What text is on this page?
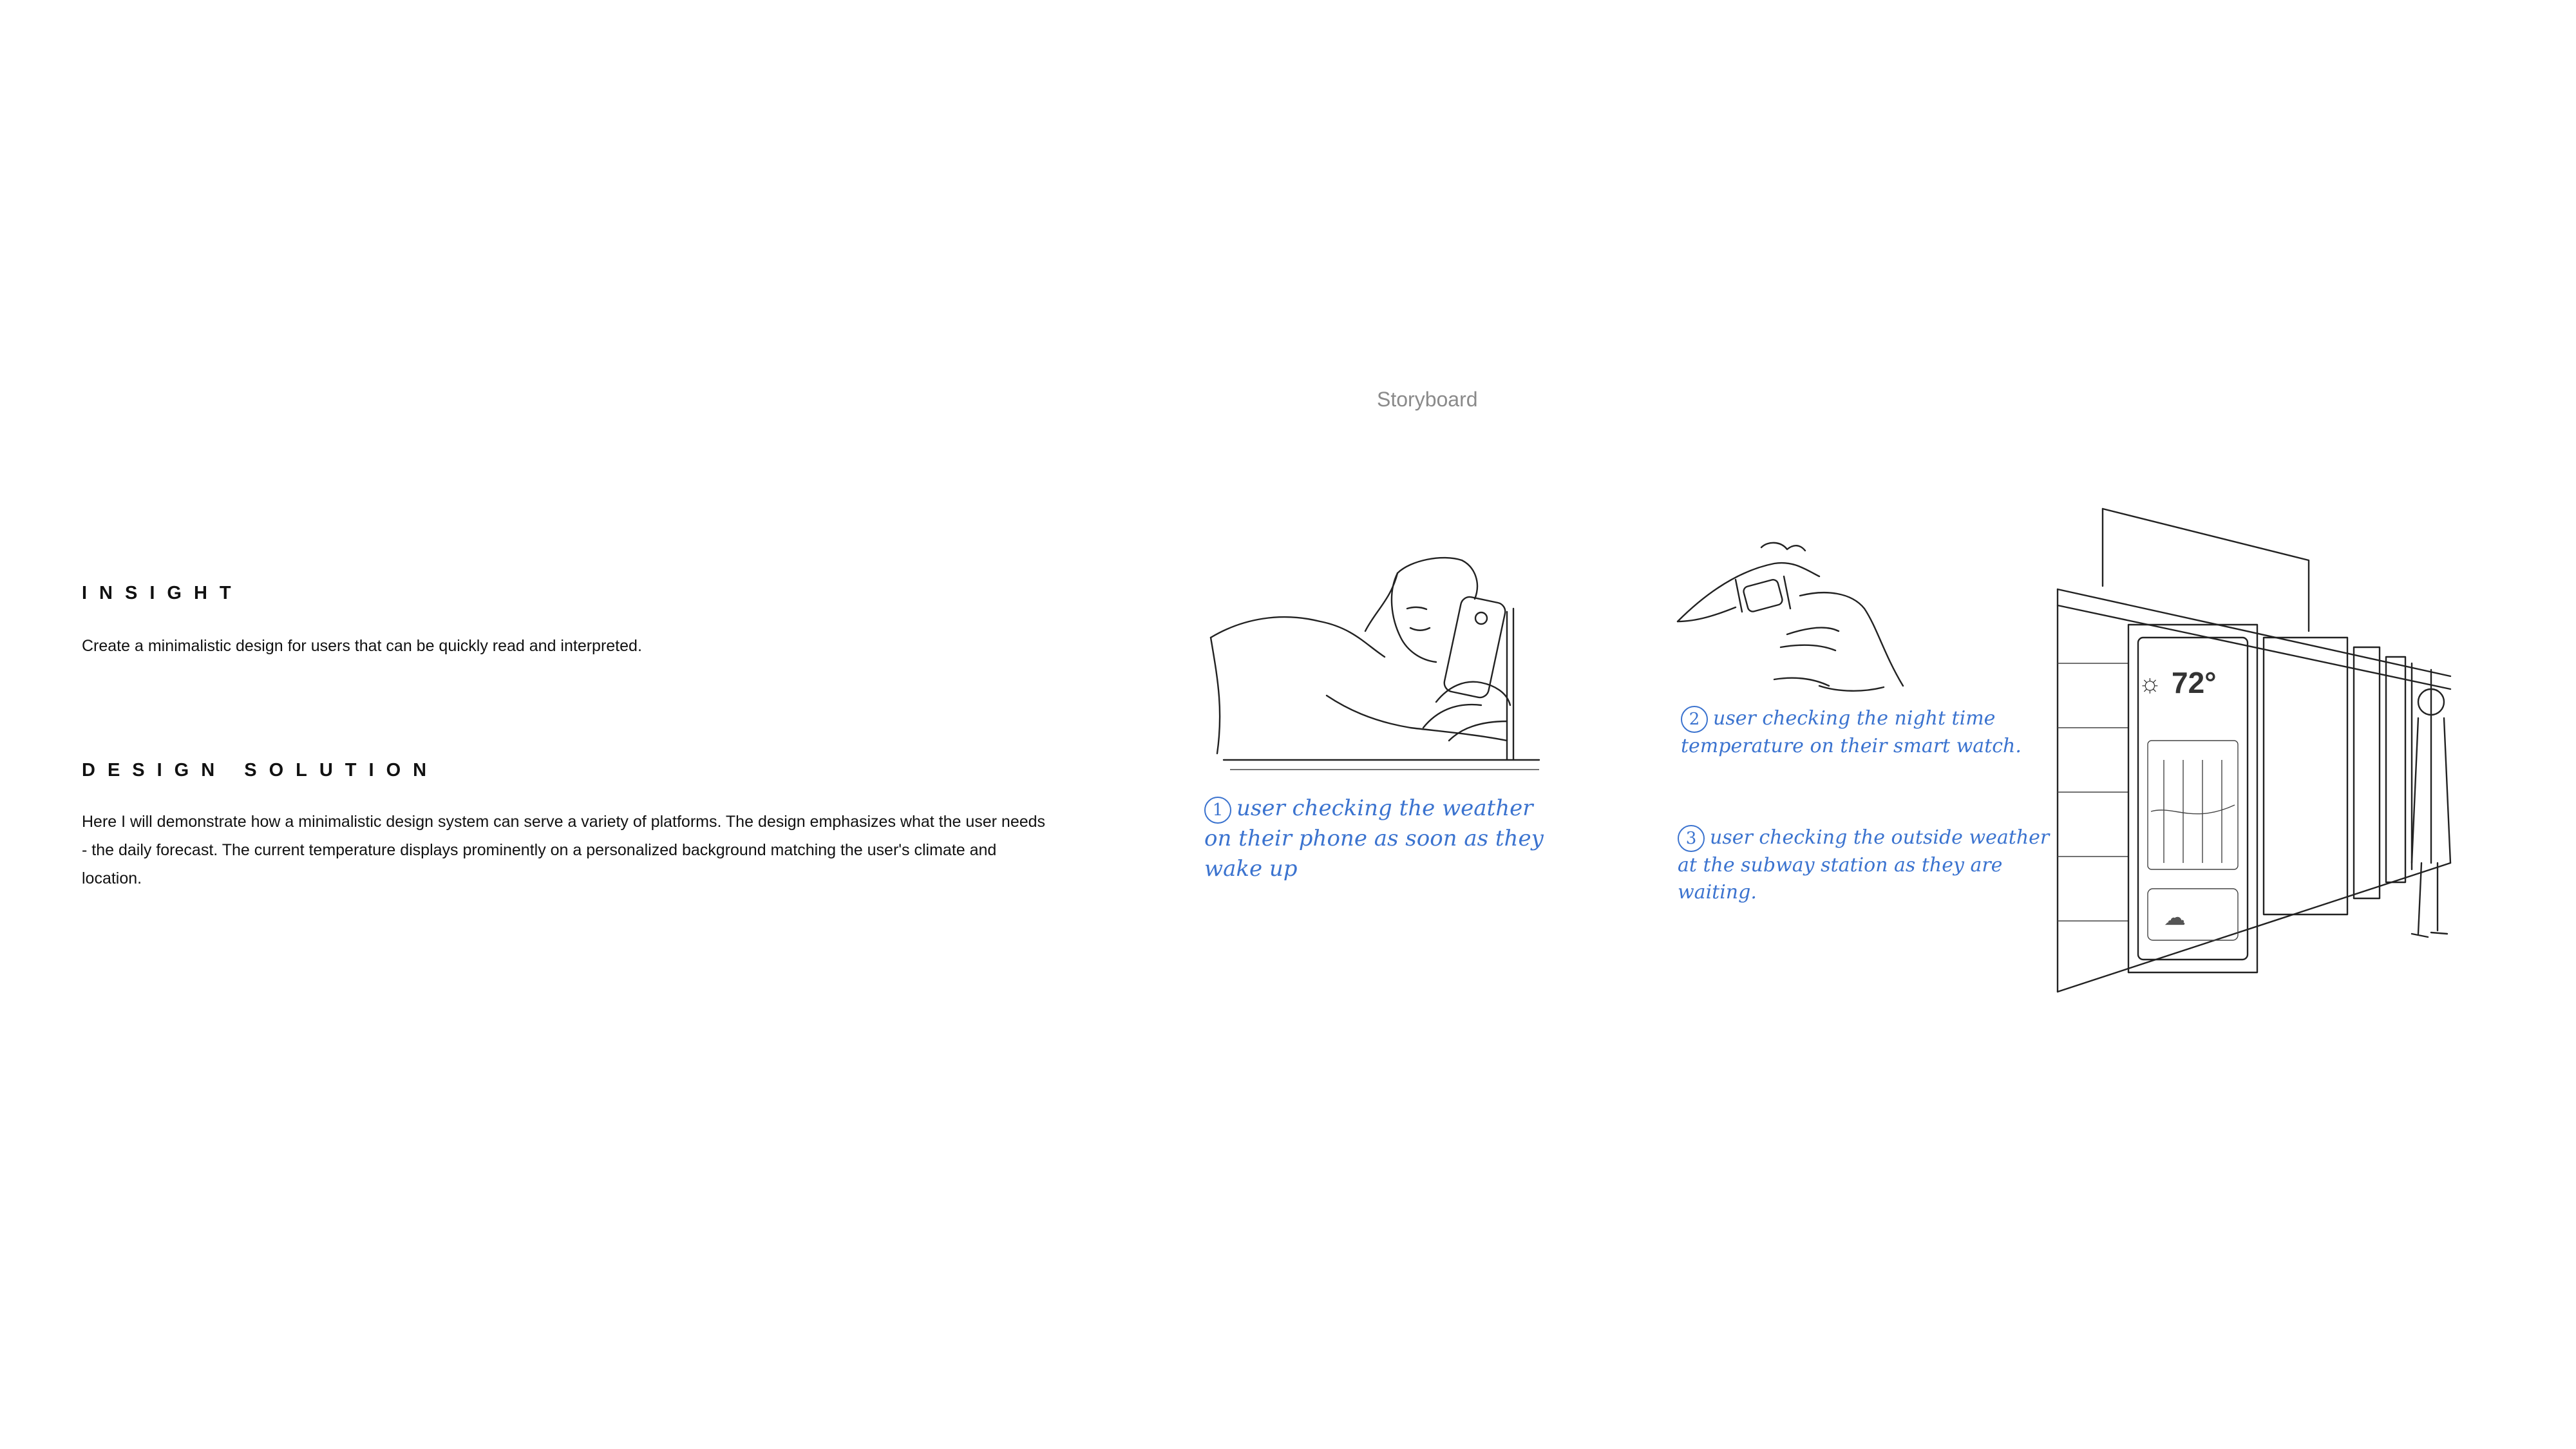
INSIGHT

Create a minimalistic design for users that can be quickly read and interpreted.

DESIGN SOLUTION

Here I will demonstrate how a minimalistic design system can serve a variety of platforms. The design emphasizes what the user needs - the daily forecast. The current temperature displays prominently on a personalized background matching the user's climate and location.

Storyboard

☼ 72°
☁

1 user checking the weather on their phone as soon as they wake up

2 user checking the night time temperature on their smart watch.

3 user checking the outside weather at the subway station as they are waiting.
